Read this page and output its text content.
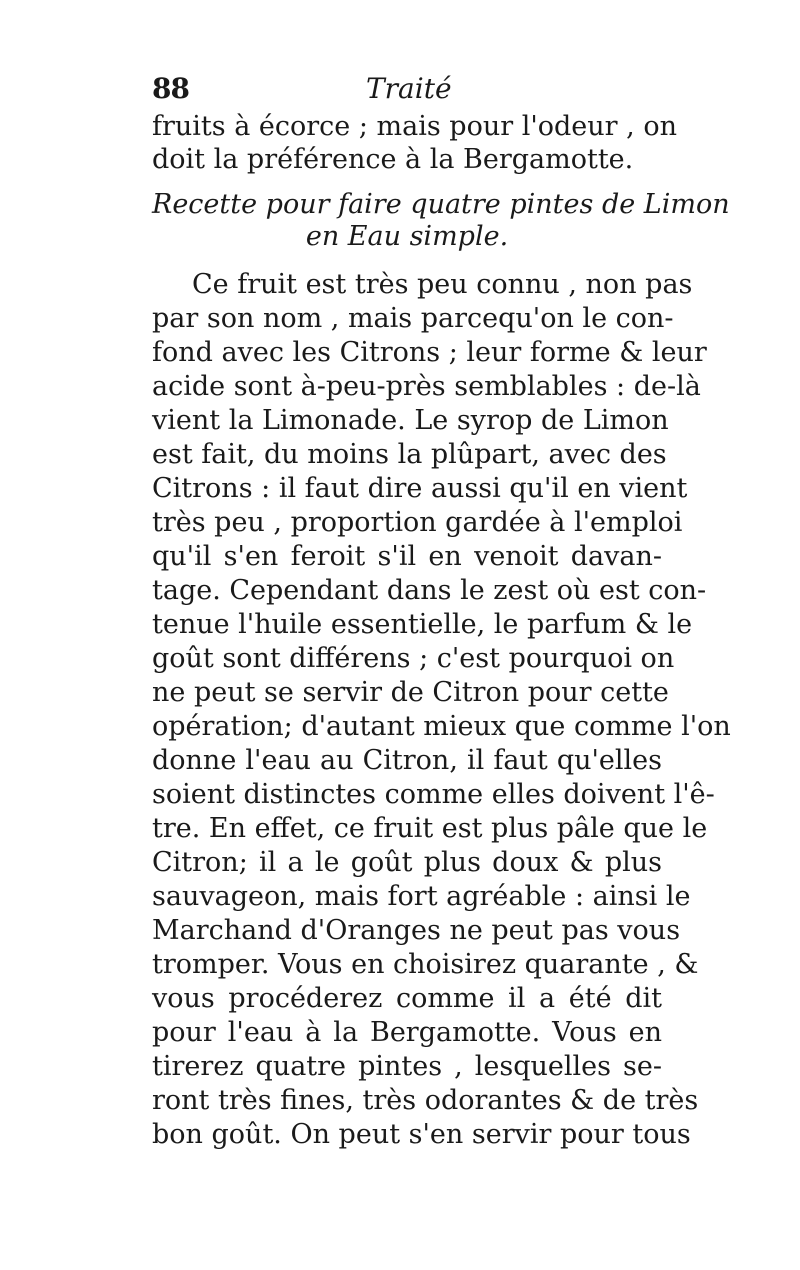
88	Traité
fruits à écorce ; mais pour l'odeur , on
doit la préférence à la Bergamotte.
Recette pour faire quatre pintes de Limon
en Eau simple.
Ce fruit est très peu connu , non pas
par son nom , mais parcequ'on le con-
fond avec les Citrons ; leur forme & leur
acide sont à-peu-près semblables : de-là
vient la Limonade. Le syrop de Limon
est fait, du moins la plûpart, avec des
Citrons : il faut dire aussi qu'il en vient
très peu , proportion gardée à l'emploi
qu'il s'en feroit s'il en venoit davan-
tage. Cependant dans le zest où est con-
tenue l'huile essentielle, le parfum & le
goût sont différens ; c'est pourquoi on
ne peut se servir de Citron pour cette
opération; d'autant mieux que comme l'on
donne l'eau au Citron, il faut qu'elles
soient distinctes comme elles doivent l'ê-
tre. En effet, ce fruit est plus pâle que le
Citron; il a le goût plus doux & plus
sauvageon, mais fort agréable : ainsi le
Marchand d'Oranges ne peut pas vous
tromper. Vous en choisirez quarante , &
vous procéderez comme il a été dit
pour l'eau à la Bergamotte. Vous en
tirerez quatre pintes , lesquelles se-
ront très fines, très odorantes & de très
bon goût. On peut s'en servir pour tous
